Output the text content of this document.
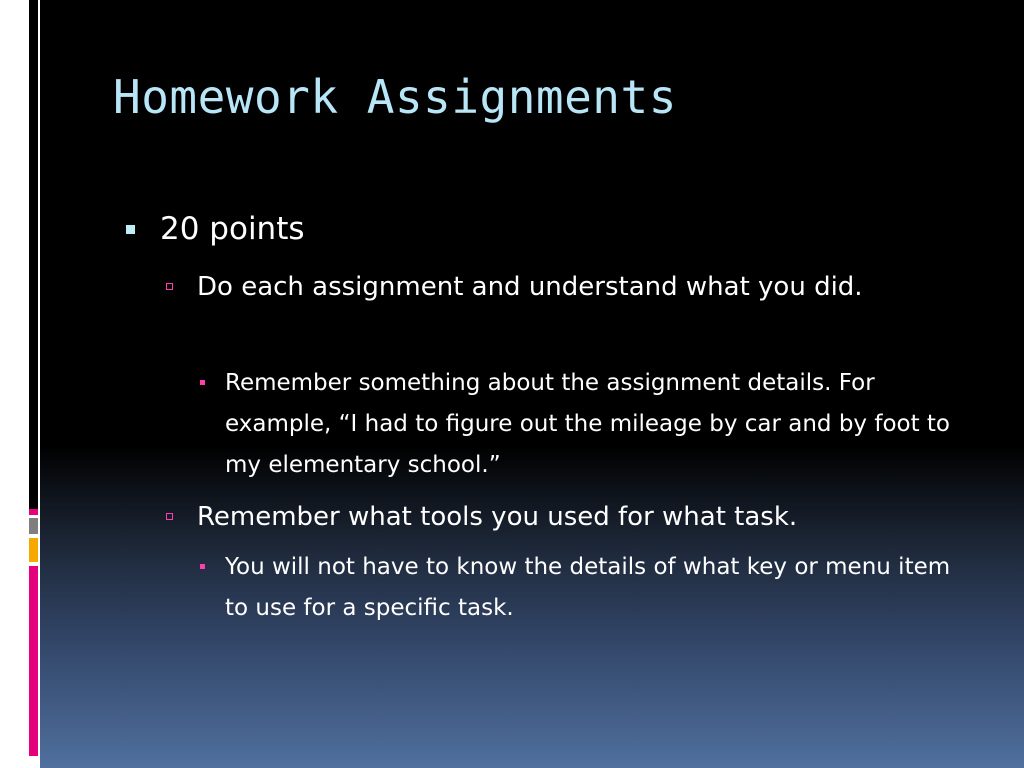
Homework Assignments

20 points

Do each assignment and understand what you did.

Remember something about the assignment details. For example, “I had to figure out the mileage by car and by foot to my elementary school.”

Remember what tools you used for what task.

You will not have to know the details of what key or menu item to use for a specific task.
